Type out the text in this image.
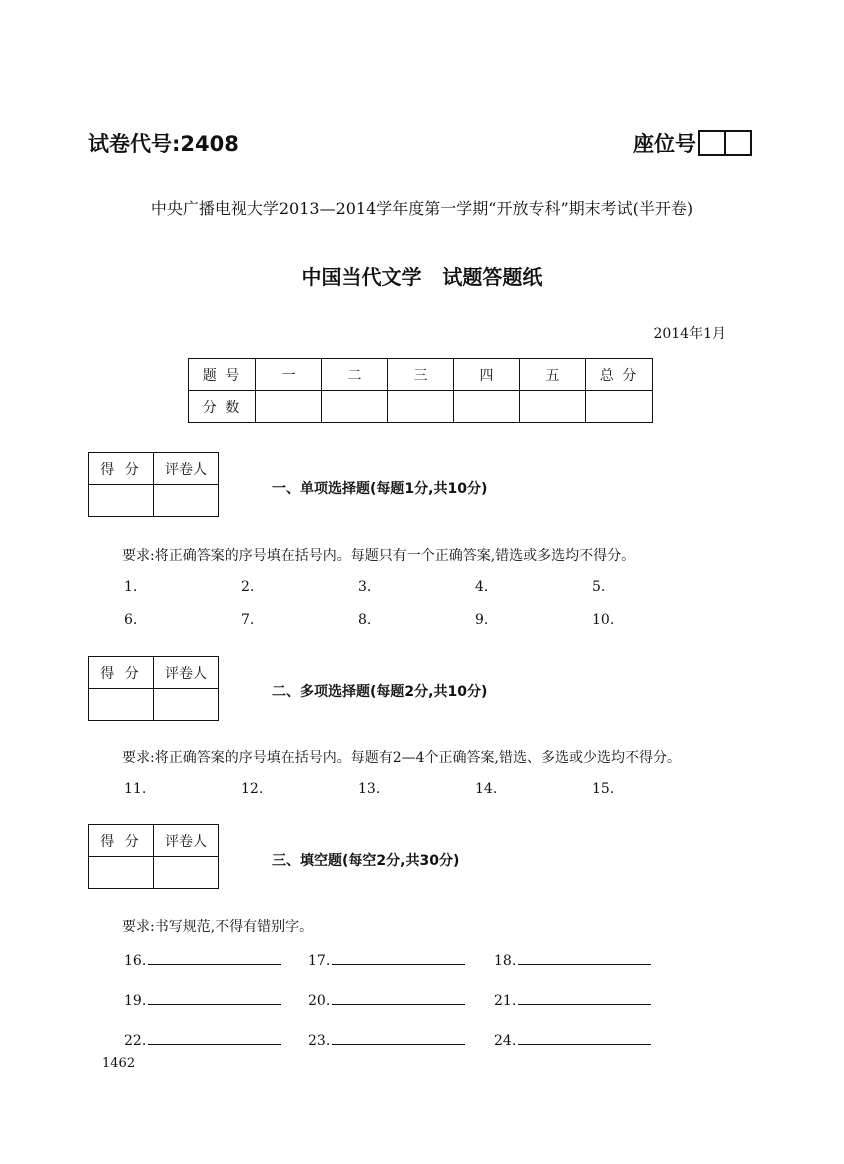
试卷代号:2408	座位号
中央广播电视大学2013—2014学年度第一学期“开放专科”期末考试(半开卷)
中国当代文学   试题答题纸
2014年1月
题 号	一	二	三	四	五	总 分
分 数						
得 分	评卷人

一、单项选择题(每题1分,共10分)
要求:将正确答案的序号填在括号内。每题只有一个正确答案,错选或多选均不得分。
1.	2.	3.	4.	5.
6.	7.	8.	9.	10.
得 分	评卷人

二、多项选择题(每题2分,共10分)
要求:将正确答案的序号填在括号内。每题有2—4个正确答案,错选、多选或少选均不得分。
11.	12.	13.	14.	15.
得 分	评卷人

三、填空题(每空2分,共30分)
要求:书写规范,不得有错别字。
16.	17.	18.
19.	20.	21.
22.	23.	24.
1462
